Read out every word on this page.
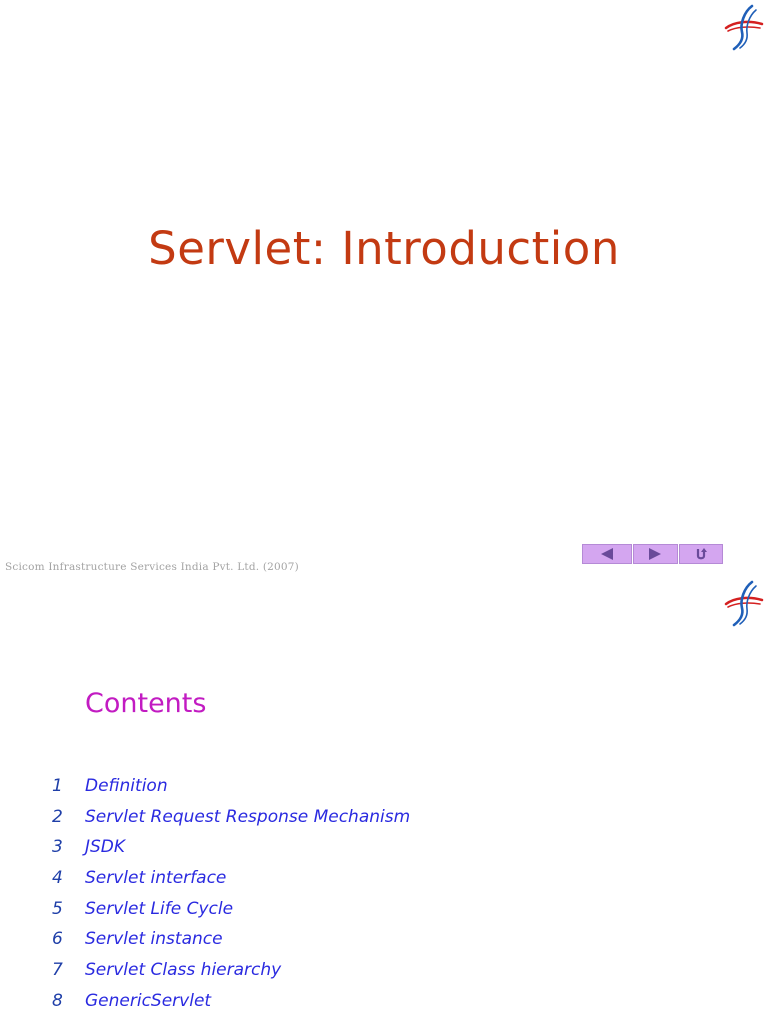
Servlet: Introduction
Scicom Infrastructure Services India Pvt. Ltd. (2007)
Contents
1 Definition
2 Servlet Request Response Mechanism
3 JSDK
4 Servlet interface
5 Servlet Life Cycle
6 Servlet instance
7 Servlet Class hierarchy
8 GenericServlet
